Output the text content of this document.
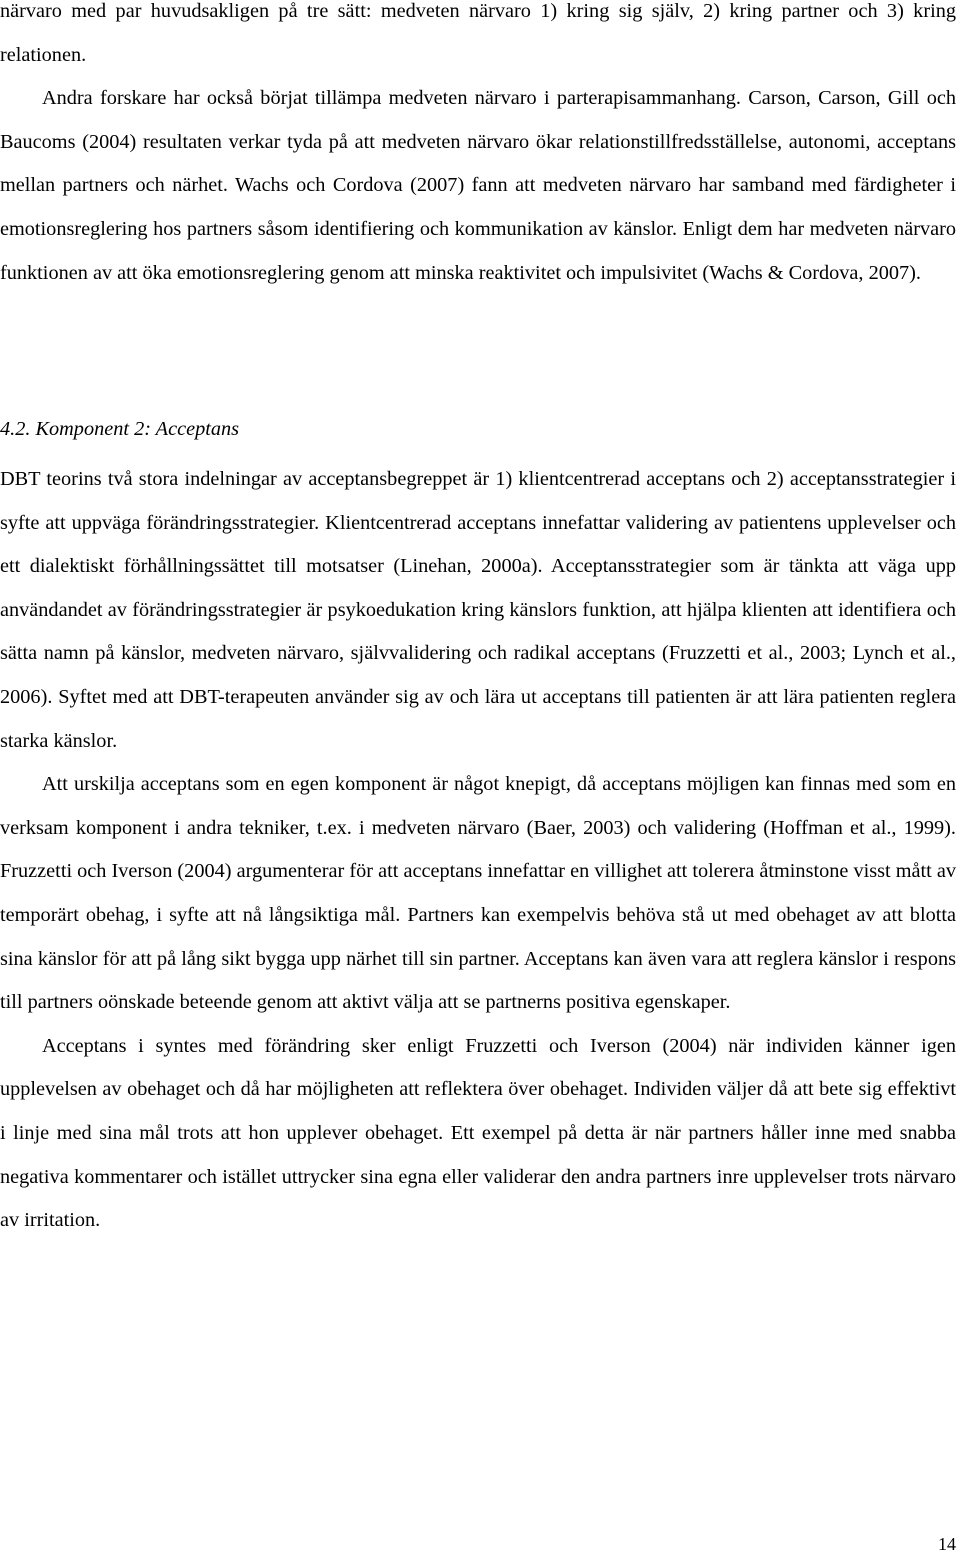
närvaro med par huvudsakligen på tre sätt: medveten närvaro 1) kring sig själv, 2) kring partner och 3) kring relationen.

Andra forskare har också börjat tillämpa medveten närvaro i parterapisammanhang. Carson, Carson, Gill och Baucoms (2004) resultaten verkar tyda på att medveten närvaro ökar relationstillfredsställelse, autonomi, acceptans mellan partners och närhet. Wachs och Cordova (2007) fann att medveten närvaro har samband med färdigheter i emotionsreglering hos partners såsom identifiering och kommunikation av känslor. Enligt dem har medveten närvaro funktionen av att öka emotionsreglering genom att minska reaktivitet och impulsivitet (Wachs & Cordova, 2007).

4.2. Komponent 2: Acceptans

DBT teorins två stora indelningar av acceptansbegreppet är 1) klientcentrerad acceptans och 2) acceptansstrategier i syfte att uppväga förändringsstrategier. Klientcentrerad acceptans innefattar validering av patientens upplevelser och ett dialektiskt förhållningssättet till motsatser (Linehan, 2000a). Acceptansstrategier som är tänkta att väga upp användandet av förändringsstrategier är psykoedukation kring känslors funktion, att hjälpa klienten att identifiera och sätta namn på känslor, medveten närvaro, självvalidering och radikal acceptans (Fruzzetti et al., 2003; Lynch et al., 2006). Syftet med att DBT-terapeuten använder sig av och lära ut acceptans till patienten är att lära patienten reglera starka känslor.

Att urskilja acceptans som en egen komponent är något knepigt, då acceptans möjligen kan finnas med som en verksam komponent i andra tekniker, t.ex. i medveten närvaro (Baer, 2003) och validering (Hoffman et al., 1999). Fruzzetti och Iverson (2004) argumenterar för att acceptans innefattar en villighet att tolerera åtminstone visst mått av temporärt obehag, i syfte att nå långsiktiga mål. Partners kan exempelvis behöva stå ut med obehaget av att blotta sina känslor för att på lång sikt bygga upp närhet till sin partner. Acceptans kan även vara att reglera känslor i respons till partners oönskade beteende genom att aktivt välja att se partnerns positiva egenskaper.

Acceptans i syntes med förändring sker enligt Fruzzetti och Iverson (2004) när individen känner igen upplevelsen av obehaget och då har möjligheten att reflektera över obehaget. Individen väljer då att bete sig effektivt i linje med sina mål trots att hon upplever obehaget. Ett exempel på detta är när partners håller inne med snabba negativa kommentarer och istället uttrycker sina egna eller validerar den andra partners inre upplevelser trots närvaro av irritation.

14
